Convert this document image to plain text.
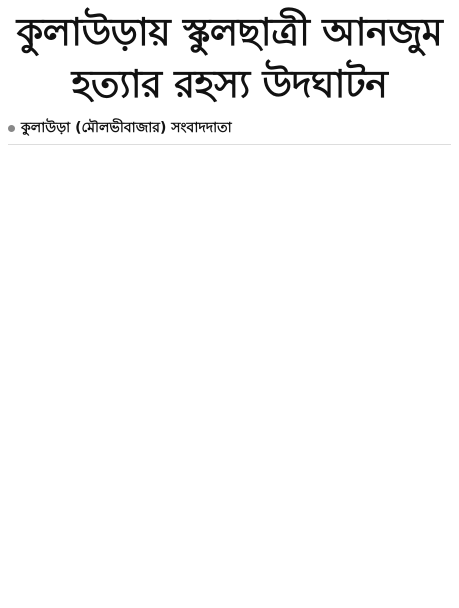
কুলাউড়ায় স্কুলছাত্রী আনজুম
হত্যার রহস্য উদঘাটন
কুলাউড়া (মৌলভীবাজার) সংবাদদাতা
